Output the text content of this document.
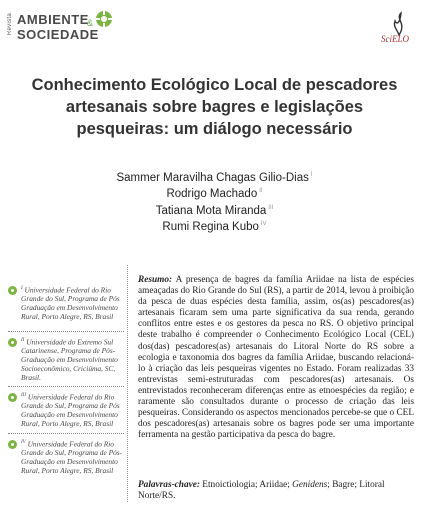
Revista AMBIENTE
&
SOCIEDADE	SciELO
Conhecimento Ecológico Local de pescadores artesanais sobre bagres e legislações pesqueiras: um diálogo necessário
Sammer Maravilha Chagas Gilio-Dias $^I$
Rodrigo Machado $^{II}$
Tatiana Mota Miranda $^{III}$
Rumi Regina Kubo $^{IV}$
$^I$ Universidade Federal do Rio Grande do Sul, Programa de Pós Graduação em Desenvolvimento Rural, Porto Alegre, RS, Brasil
$^{II}$ Universidade do Extremo Sul Catarinense, Programa de Pós-Graduação em Desenvolvimento Socioeconômico, Criciúma, SC, Brasil.
$^{III}$ Universidade Federal do Rio Grande do Sul, Programa de Pós Graduação em Desenvolvimento Rural, Porto Alegre, RS, Brasil
$^{IV}$ Universidade Federal do Rio Grande do Sul, Programa de Pós-Graduação em Desenvolvimento Rural, Porto Alegre, RS, Brasil
Resumo: A presença de bagres da família Ariidae na lista de espécies ameaçadas do Rio Grande do Sul (RS), a partir de 2014, levou à proibição da pesca de duas espécies desta família, assim, os(as) pescadores(as) artesanais ficaram sem uma parte significativa da sua renda, gerando conflitos entre estes e os gestores da pesca no RS. O objetivo principal deste trabalho é compreender o Conhecimento Ecológico Local (CEL) dos(das) pescadores(as) artesanais do Litoral Norte do RS sobre a ecologia e taxonomia dos bagres da família Ariidae, buscando relacioná-lo à criação das leis pesqueiras vigentes no Estado. Foram realizadas 33 entrevistas semi-estruturadas com pescadores(as) artesanais. Os entrevistados reconheceram diferenças entre as etnoespécies da região; e raramente são consultados durante o processo de criação das leis pesqueiras. Considerando os aspectos mencionados percebe-se que o CEL dos pescadores(as) artesanais sobre os bagres pode ser uma importante ferramenta na gestão participativa da pesca do bagre.
Palavras-chave: Etnoictiologia; Ariidae; Genidens; Bagre; Litoral Norte/RS.
